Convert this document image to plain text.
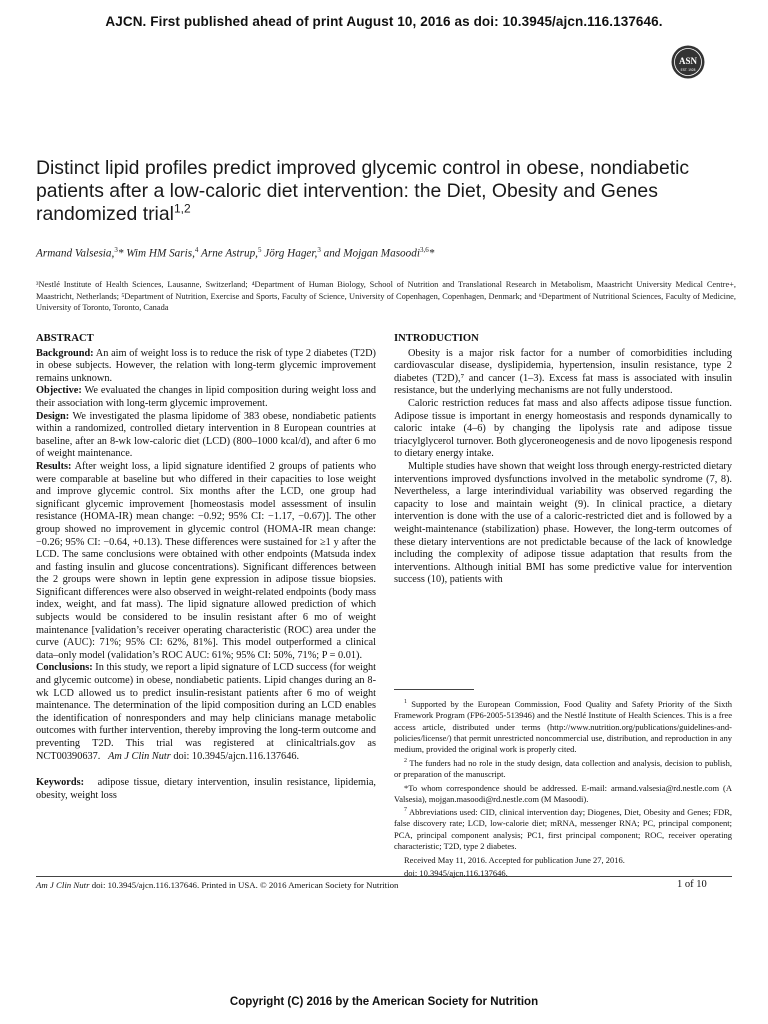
AJCN. First published ahead of print August 10, 2016 as doi: 10.3945/ajcn.116.137646.
ASN
EST. 1928
Distinct lipid profiles predict improved glycemic control in obese, nondiabetic patients after a low-caloric diet intervention: the Diet, Obesity and Genes randomized trial$^{1,2}$
Armand Valsesia,$^3$* Wim HM Saris,$^4$ Arne Astrup,$^5$ Jörg Hager,$^3$ and Mojgan Masoodi$^{3,6}$*
³Nestlé Institute of Health Sciences, Lausanne, Switzerland; ⁴Department of Human Biology, School of Nutrition and Translational Research in Metabolism, Maastricht University Medical Centre+, Maastricht, Netherlands; ⁵Department of Nutrition, Exercise and Sports, Faculty of Science, University of Copenhagen, Copenhagen, Denmark; and ⁶Department of Nutritional Sciences, Faculty of Medicine, University of Toronto, Toronto, Canada
ABSTRACT

Background: An aim of weight loss is to reduce the risk of type 2 diabetes (T2D) in obese subjects. However, the relation with long-term glycemic improvement remains unknown.

Objective: We evaluated the changes in lipid composition during weight loss and their association with long-term glycemic improvement.

Design: We investigated the plasma lipidome of 383 obese, nondiabetic patients within a randomized, controlled dietary intervention in 8 European countries at baseline, after an 8-wk low-caloric diet (LCD) (800–1000 kcal/d), and after 6 mo of weight maintenance.

Results: After weight loss, a lipid signature identified 2 groups of patients who were comparable at baseline but who differed in their capacities to lose weight and improve glycemic control. Six months after the LCD, one group had significant glycemic improvement [homeostasis model assessment of insulin resistance (HOMA-IR) mean change: −0.92; 95% CI: −1.17, −0.67)]. The other group showed no improvement in glycemic control (HOMA-IR mean change: −0.26; 95% CI: −0.64, +0.13). These differences were sustained for ≥1 y after the LCD. The same conclusions were obtained with other endpoints (Matsuda index and fasting insulin and glucose concentrations). Significant differences between the 2 groups were shown in leptin gene expression in adipose tissue biopsies. Significant differences were also observed in weight-related endpoints (body mass index, weight, and fat mass). The lipid signature allowed prediction of which subjects would be considered to be insulin resistant after 6 mo of weight maintenance [validation’s receiver operating characteristic (ROC) area under the curve (AUC): 71%; 95% CI: 62%, 81%]. This model outperformed a clinical data–only model (validation’s ROC AUC: 61%; 95% CI: 50%, 71%; P = 0.01).

Conclusions: In this study, we report a lipid signature of LCD success (for weight and glycemic outcome) in obese, nondiabetic patients. Lipid changes during an 8-wk LCD allowed us to predict insulin-resistant patients after 6 mo of weight maintenance. The determination of the lipid composition during an LCD enables the identification of nonresponders and may help clinicians manage metabolic outcomes with further intervention, thereby improving the long-term outcome and preventing T2D. This trial was registered at clinicaltrials.gov as NCT00390637. Am J Clin Nutr doi: 10.3945/ajcn.116.137646.

Keywords: adipose tissue, dietary intervention, insulin resistance, lipidemia, obesity, weight loss
INTRODUCTION

Obesity is a major risk factor for a number of comorbidities including cardiovascular disease, dyslipidemia, hypertension, insulin resistance, type 2 diabetes (T2D),⁷ and cancer (1–3). Excess fat mass is associated with insulin resistance, but the underlying mechanisms are not fully understood.

Caloric restriction reduces fat mass and also affects adipose tissue function. Adipose tissue is important in energy homeostasis and responds dynamically to caloric intake (4–6) by changing the lipolysis rate and adipose tissue triacylglycerol turnover. Both glyceroneogenesis and de novo lipogenesis respond to dietary energy intake.

Multiple studies have shown that weight loss through energy-restricted dietary interventions improved dysfunctions involved in the metabolic syndrome (7, 8). Nevertheless, a large interindividual variability was observed regarding the capacity to lose and maintain weight (9). In clinical practice, a dietary intervention is done with the use of a caloric-restricted diet and is followed by a weight-maintenance (stabilization) phase. However, the long-term outcomes of these dietary interventions are not predictable because of the lack of knowledge including the complexity of adipose tissue adaptation that results from the interventions. Although initial BMI has some predictive value for intervention success (10), patients with

$^1$ Supported by the European Commission, Food Quality and Safety Priority of the Sixth Framework Program (FP6-2005-513946) and the Nestlé Institute of Health Sciences. This is a free access article, distributed under terms (http://www.nutrition.org/publications/guidelines-and-policies/license/) that permit unrestricted noncommercial use, distribution, and reproduction in any medium, provided the original work is properly cited.

$^2$ The funders had no role in the study design, data collection and analysis, decision to publish, or preparation of the manuscript.

*To whom correspondence should be addressed. E-mail: armand.valsesia@rd.nestle.com (A Valsesia), mojgan.masoodi@rd.nestle.com (M Masoodi).

$^7$ Abbreviations used: CID, clinical intervention day; Diogenes, Diet, Obesity and Genes; FDR, false discovery rate; LCD, low-calorie diet; mRNA, messenger RNA; PC, principal component; PCA, principal component analysis; PC1, first principal component; ROC, receiver operating characteristic; T2D, type 2 diabetes.

Received May 11, 2016. Accepted for publication June 27, 2016.

doi: 10.3945/ajcn.116.137646.

Am J Clin Nutr doi: 10.3945/ajcn.116.137646. Printed in USA. © 2016 American Society for Nutrition	1 of 10
Copyright (C) 2016 by the American Society for Nutrition
